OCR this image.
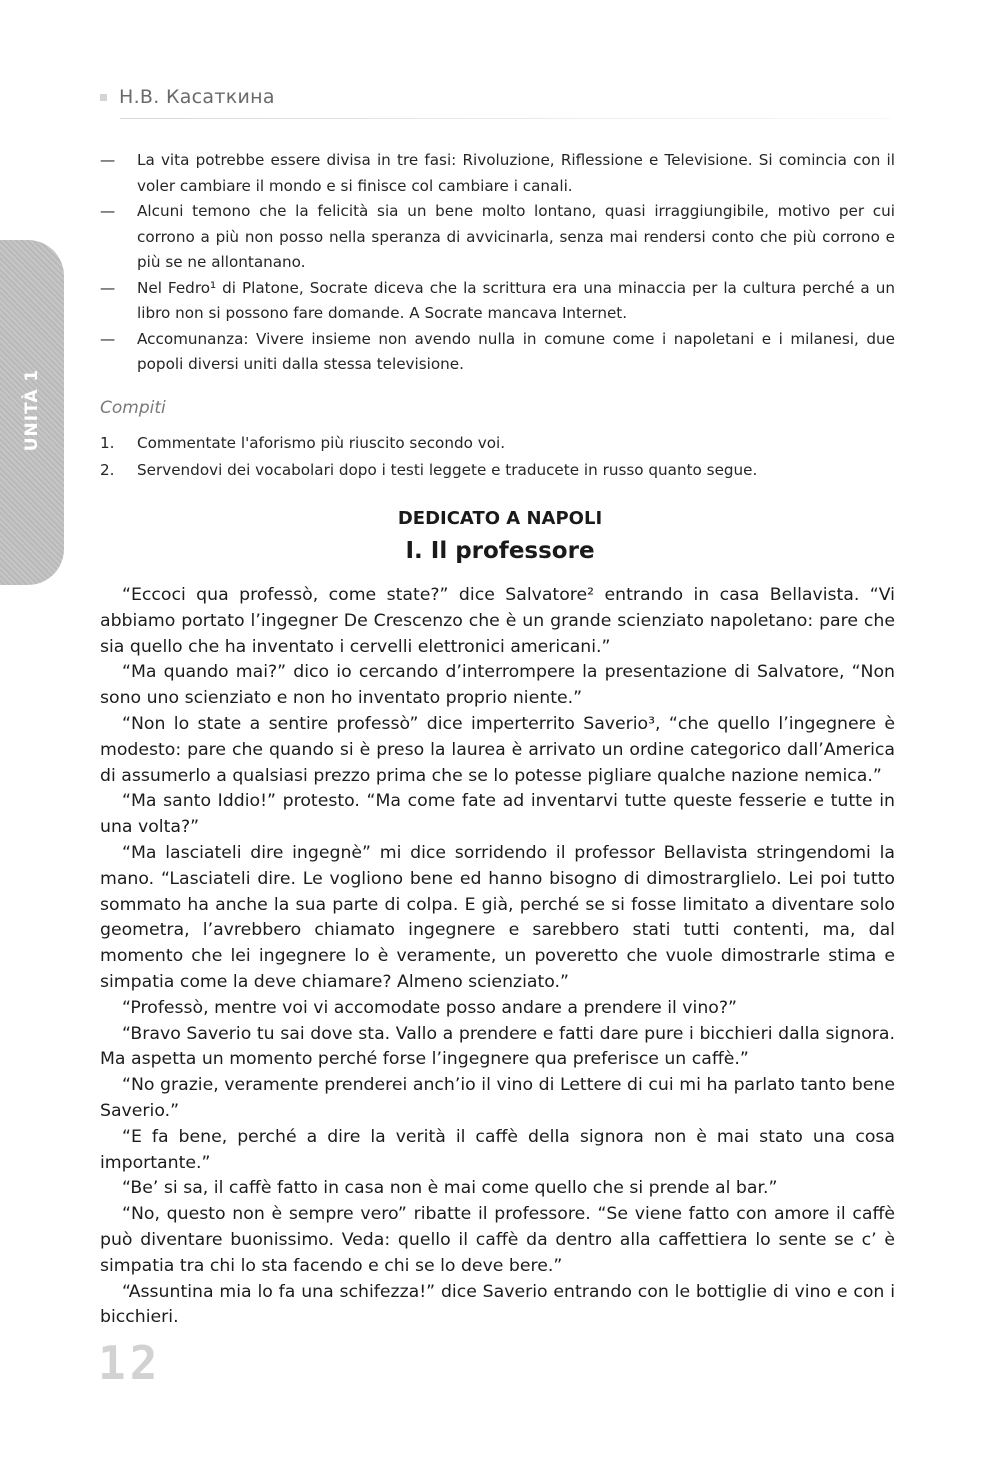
Н.В. Касаткина
UNITÀ 1
— La vita potrebbe essere divisa in tre fasi: Rivoluzione, Riflessione e Televisione. Si comincia con il voler cambiare il mondo e si finisce col cambiare i canali.
— Alcuni temono che la felicità sia un bene molto lontano, quasi irraggiungibile, motivo per cui corrono a più non posso nella speranza di avvicinarla, senza mai rendersi conto che più corrono e più se ne allontanano.
— Nel Fedro¹ di Platone, Socrate diceva che la scrittura era una minaccia per la cultura perché a un libro non si possono fare domande. A Socrate mancava Internet.
— Accomunanza: Vivere insieme non avendo nulla in comune come i napoletani e i milanesi, due popoli diversi uniti dalla stessa televisione.
Compiti
1. Commentate l'aforismo più riuscito secondo voi.
2. Servendovi dei vocabolari dopo i testi leggete e traducete in russo quanto segue.
DEDICATO A NAPOLI
I. Il professore

“Eccoci qua professò, come state?” dice Salvatore² entrando in casa Bellavista. “Vi abbiamo portato l’ingegner De Crescenzo che è un grande scienziato napoletano: pare che sia quello che ha inventato i cervelli elettronici americani.”

“Ma quando mai?” dico io cercando d’interrompere la presentazione di Salvatore, “Non sono uno scienziato e non ho inventato proprio niente.”

“Non lo state a sentire professò” dice imperterrito Saverio³, “che quello l’ingegnere è modesto: pare che quando si è preso la laurea è arrivato un ordine categorico dall’America di assumerlo a qualsiasi prezzo prima che se lo potesse pigliare qualche nazione nemica.”

“Ma santo Iddio!” protesto. “Ma come fate ad inventarvi tutte queste fesserie e tutte in una volta?”

“Ma lasciateli dire ingegnè” mi dice sorridendo il professor Bellavista stringendomi la mano. “Lasciateli dire. Le vogliono bene ed hanno bisogno di dimostrarglielo. Lei poi tutto sommato ha anche la sua parte di colpa. E già, perché se si fosse limitato a diventare solo geometra, l’avrebbero chiamato ingegnere e sarebbero stati tutti contenti, ma, dal momento che lei ingegnere lo è veramente, un poveretto che vuole dimostrarle stima e simpatia come la deve chiamare? Almeno scienziato.”

“Professò, mentre voi vi accomodate posso andare a prendere il vino?”

“Bravo Saverio tu sai dove sta. Vallo a prendere e fatti dare pure i bicchieri dalla signora. Ma aspetta un momento perché forse l’ingegnere qua preferisce un caffè.”

“No grazie, veramente prenderei anch’io il vino di Lettere di cui mi ha parlato tanto bene Saverio.”

“E fa bene, perché a dire la verità il caffè della signora non è mai stato una cosa importante.”

“Be’ si sa, il caffè fatto in casa non è mai come quello che si prende al bar.”

“No, questo non è sempre vero” ribatte il professore. “Se viene fatto con amore il caffè può diventare buonissimo. Veda: quello il caffè da dentro alla caffettiera lo sente se c’ è simpatia tra chi lo sta facendo e chi se lo deve bere.”

“Assuntina mia lo fa una schifezza!” dice Saverio entrando con le bottiglie di vino e con i bicchieri.

12
